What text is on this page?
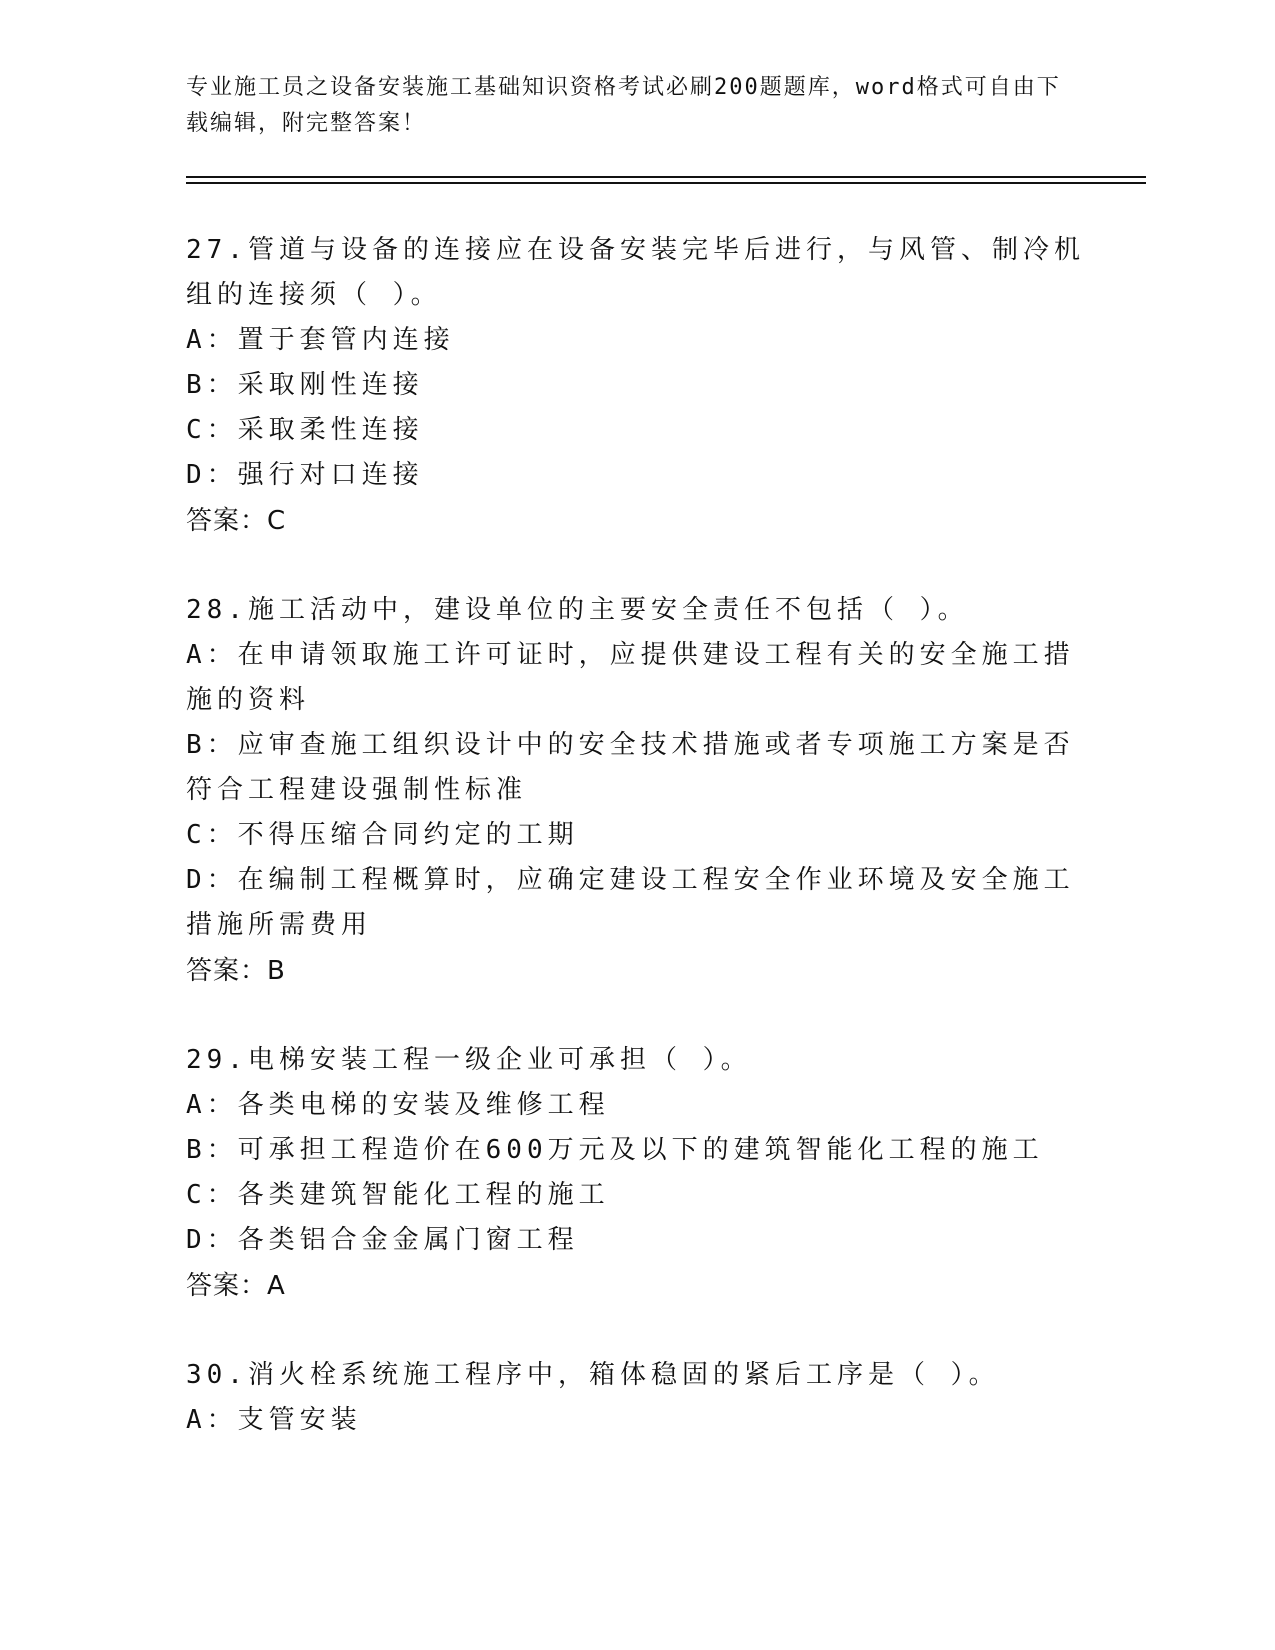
专业施工员之设备安装施工基础知识资格考试必刷200题题库，word格式可自由下载编辑，附完整答案！
27.管道与设备的连接应在设备安装完毕后进行，与风管、制冷机组的连接须（ ）。
A：置于套管内连接
B：采取刚性连接
C：采取柔性连接
D：强行对口连接
答案：C
28.施工活动中，建设单位的主要安全责任不包括（ ）。
A：在申请领取施工许可证时，应提供建设工程有关的安全施工措施的资料
B：应审查施工组织设计中的安全技术措施或者专项施工方案是否符合工程建设强制性标准
C：不得压缩合同约定的工期
D：在编制工程概算时，应确定建设工程安全作业环境及安全施工措施所需费用
答案：B
29.电梯安装工程一级企业可承担（ ）。
A：各类电梯的安装及维修工程
B：可承担工程造价在600万元及以下的建筑智能化工程的施工
C：各类建筑智能化工程的施工
D：各类铝合金金属门窗工程
答案：A
30.消火栓系统施工程序中，箱体稳固的紧后工序是（ ）。
A：支管安装
